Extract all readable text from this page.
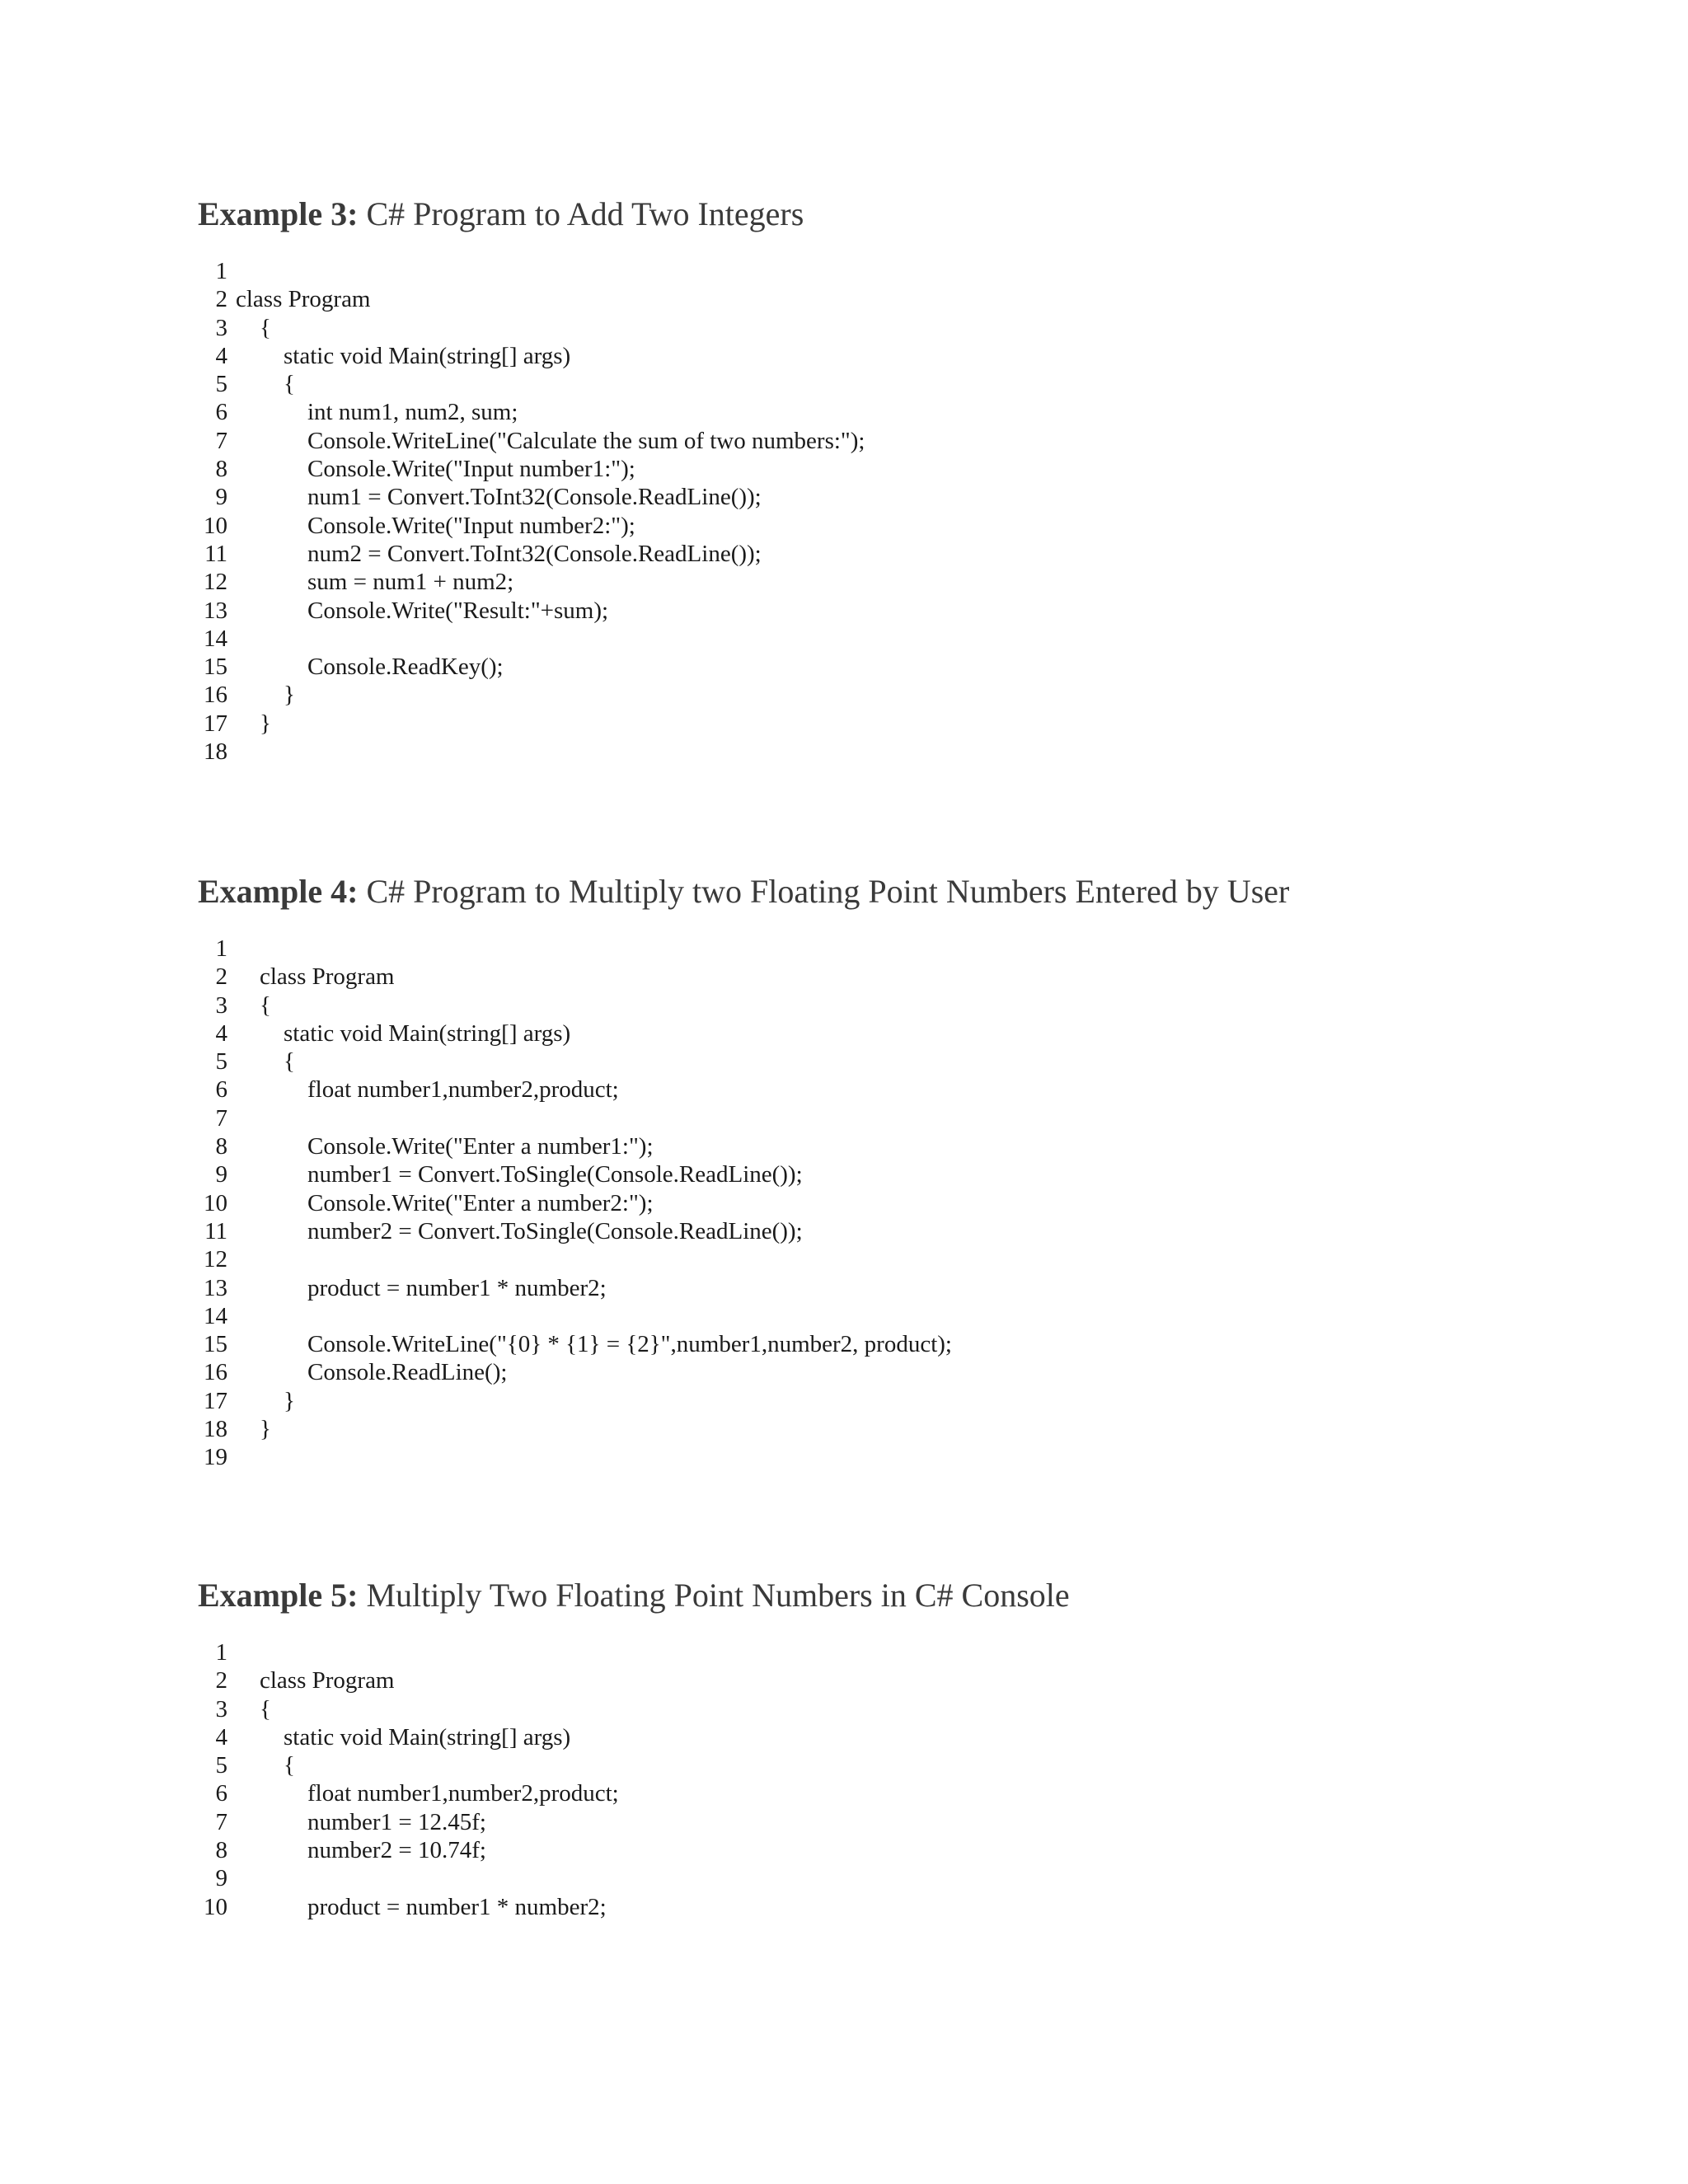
Example 3: C# Program to Add Two Integers
1
2 class Program
3 {
4 static void Main(string[] args)
5 {
6 int num1, num2, sum;
7 Console.WriteLine("Calculate the sum of two numbers:");
8 Console.Write("Input number1:");
9 num1 = Convert.ToInt32(Console.ReadLine());
10 Console.Write("Input number2:");
11 num2 = Convert.ToInt32(Console.ReadLine());
12 sum = num1 + num2;
13 Console.Write("Result:"+sum);
14
15 Console.ReadKey();
16 }
17 }
18
Example 4: C# Program to Multiply two Floating Point Numbers Entered by User
1
2 class Program
3 {
4 static void Main(string[] args)
5 {
6 float number1,number2,product;
7
8 Console.Write("Enter a number1:");
9 number1 = Convert.ToSingle(Console.ReadLine());
10 Console.Write("Enter a number2:");
11 number2 = Convert.ToSingle(Console.ReadLine());
12
13 product = number1 * number2;
14
15 Console.WriteLine("{0} * {1} = {2}",number1,number2, product);
16 Console.ReadLine();
17 }
18 }
19
Example 5: Multiply Two Floating Point Numbers in C# Console
1
2 class Program
3 {
4 static void Main(string[] args)
5 {
6 float number1,number2,product;
7 number1 = 12.45f;
8 number2 = 10.74f;
9
10 product = number1 * number2;
